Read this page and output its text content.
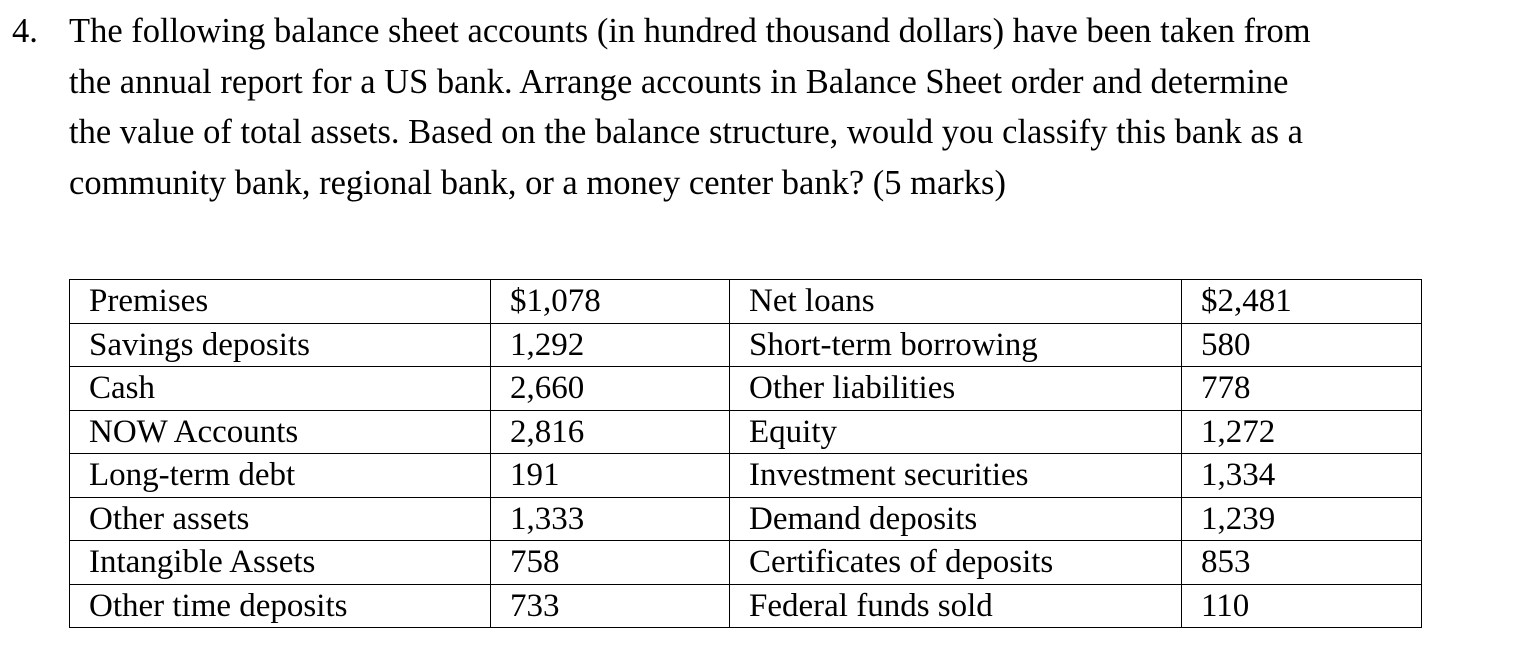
4. The following balance sheet accounts (in hundred thousand dollars) have been taken from
the annual report for a US bank. Arrange accounts in Balance Sheet order and determine
the value of total assets. Based on the balance structure, would you classify this bank as a
community bank, regional bank, or a money center bank? (5 marks)
Premises	$1,078	Net loans	$2,481
Savings deposits	1,292	Short-term borrowing	580
Cash	2,660	Other liabilities	778
NOW Accounts	2,816	Equity	1,272
Long-term debt	191	Investment securities	1,334
Other assets	1,333	Demand deposits	1,239
Intangible Assets	758	Certificates of deposits	853
Other time deposits	733	Federal funds sold	110
